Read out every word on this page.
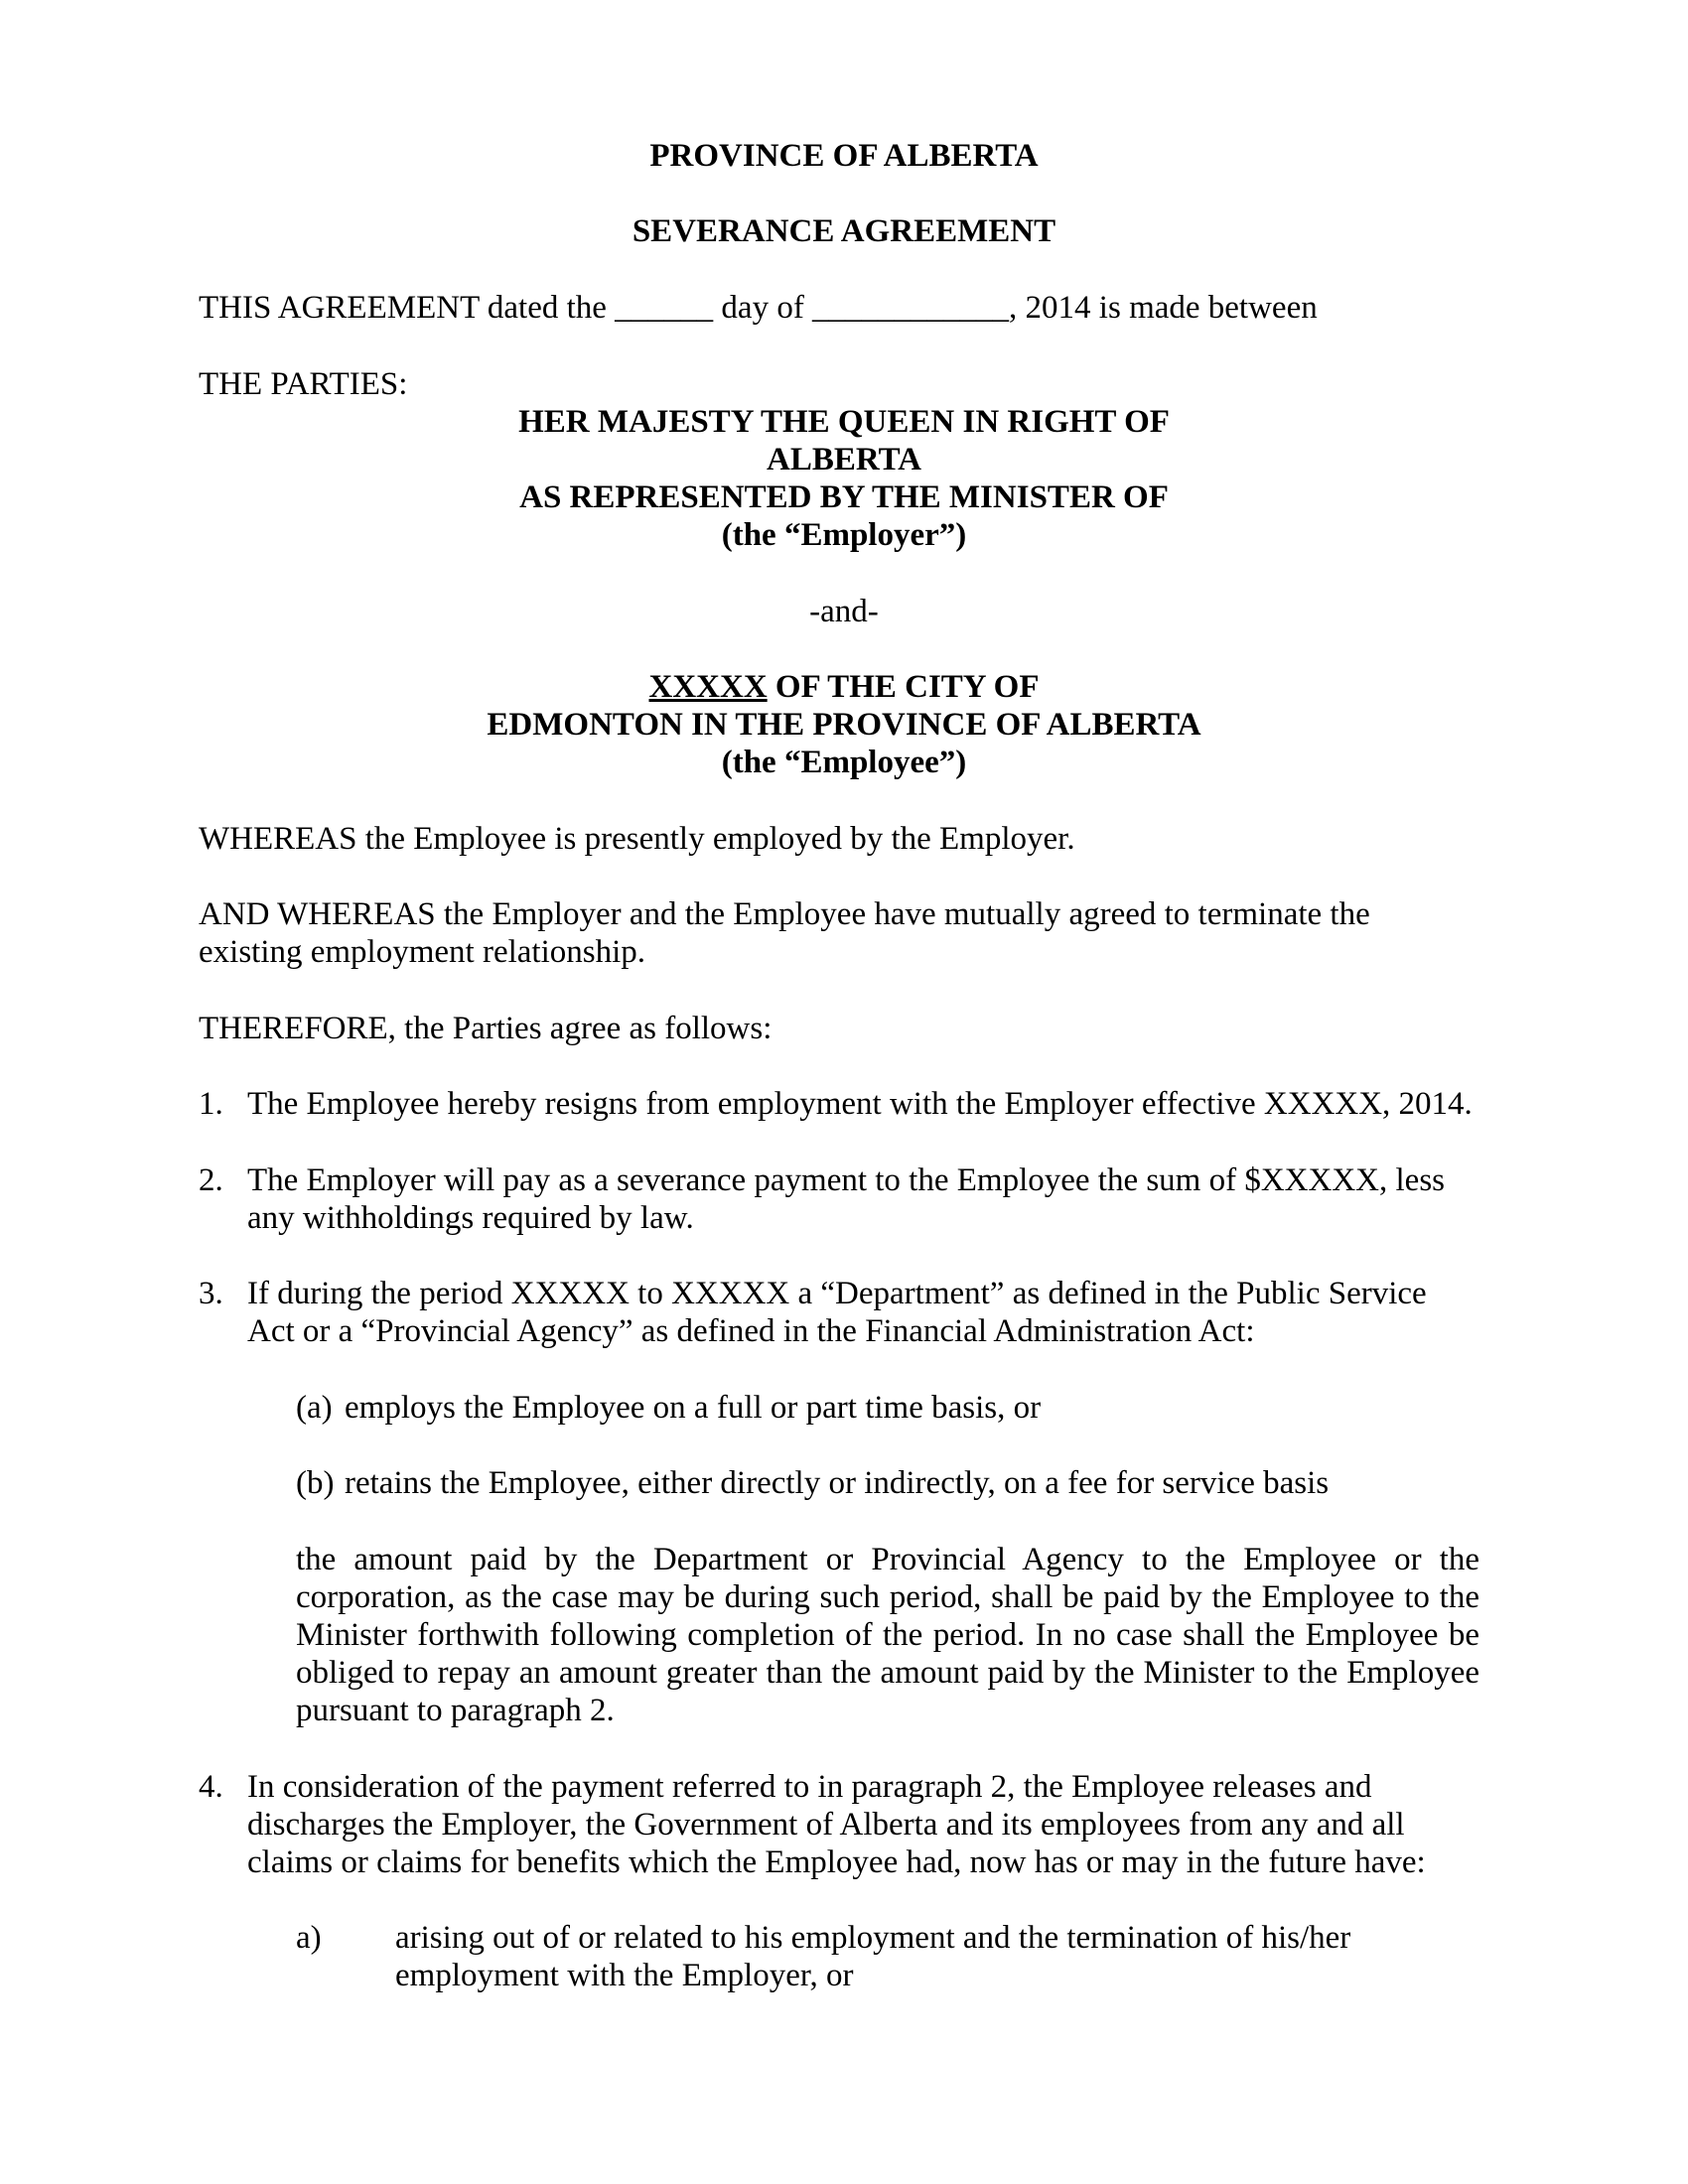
PROVINCE OF ALBERTA
SEVERANCE AGREEMENT
THIS AGREEMENT dated the ______ day of ____________, 2014 is made between
THE PARTIES:
HER MAJESTY THE QUEEN IN RIGHT OF
ALBERTA
AS REPRESENTED BY THE MINISTER OF
(the “Employer”)
-and-
XXXXX OF THE CITY OF
EDMONTON IN THE PROVINCE OF ALBERTA
(the “Employee”)
WHEREAS the Employee is presently employed by the Employer.
AND WHEREAS the Employer and the Employee have mutually agreed to terminate the
existing employment relationship.
THEREFORE, the Parties agree as follows:
1. The Employee hereby resigns from employment with the Employer effective XXXXX, 2014.
2. The Employer will pay as a severance payment to the Employee the sum of $XXXXX, less
any withholdings required by law.
3. If during the period XXXXX to XXXXX a “Department” as defined in the Public Service
Act or a “Provincial Agency” as defined in the Financial Administration Act:
(a) employs the Employee on a full or part time basis, or
(b) retains the Employee, either directly or indirectly, on a fee for service basis
the amount paid by the Department or Provincial Agency to the Employee or the
corporation, as the case may be during such period, shall be paid by the Employee to the
Minister forthwith following completion of the period. In no case shall the Employee be
obliged to repay an amount greater than the amount paid by the Minister to the Employee
pursuant to paragraph 2.
4. In consideration of the payment referred to in paragraph 2, the Employee releases and
discharges the Employer, the Government of Alberta and its employees from any and all
claims or claims for benefits which the Employee had, now has or may in the future have:
a) arising out of or related to his employment and the termination of his/her
employment with the Employer, or
